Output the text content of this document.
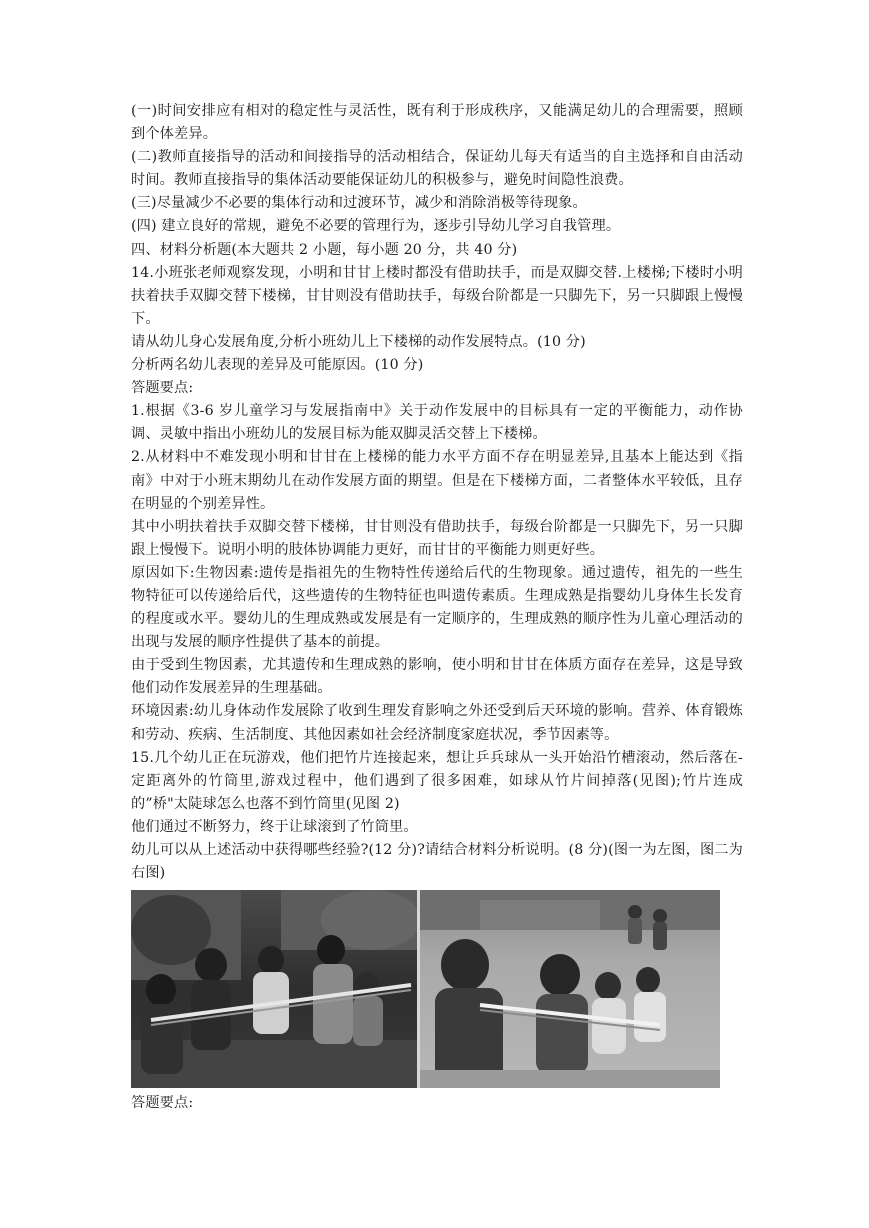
(一)时间安排应有相对的稳定性与灵活性，既有利于形成秩序，又能满足幼儿的合理需要，照顾到个体差异。

(二)教师直接指导的活动和间接指导的活动相结合，保证幼儿每天有适当的自主选择和自由活动时间。教师直接指导的集体活动要能保证幼儿的积极参与，避免时间隐性浪费。

(三)尽量减少不必要的集体行动和过渡环节，减少和消除消极等待现象。

(四) 建立良好的常规，避免不必要的管理行为，逐步引导幼儿学习自我管理。

四、材料分析题(本大题共 2 小题，每小题 20 分，共 40 分)

14.小班张老师观察发现，小明和甘甘上楼时都没有借助扶手，而是双脚交替.上楼梯;下楼时小明扶着扶手双脚交替下楼梯，甘甘则没有借助扶手，每级台阶都是一只脚先下，另一只脚跟上慢慢下。

请从幼儿身心发展角度,分析小班幼儿上下楼梯的动作发展特点。(10 分)

分析两名幼儿表现的差异及可能原因。(10 分)

答题要点:

1.根据《3-6 岁儿童学习与发展指南中》关于动作发展中的目标具有一定的平衡能力，动作协调、灵敏中指出小班幼儿的发展目标为能双脚灵活交替上下楼梯。

2.从材料中不难发现小明和甘甘在上楼梯的能力水平方面不存在明显差异,且基本上能达到《指南》中对于小班末期幼儿在动作发展方面的期望。但是在下楼梯方面，二者整体水平较低，且存在明显的个别差异性。

其中小明扶着扶手双脚交替下楼梯，甘甘则没有借助扶手，每级台阶都是一只脚先下，另一只脚跟上慢慢下。说明小明的肢体协调能力更好，而甘甘的平衡能力则更好些。

原因如下:生物因素:遗传是指祖先的生物特性传递给后代的生物现象。通过遗传，祖先的一些生物特征可以传递给后代，这些遗传的生物特征也叫遗传素质。生理成熟是指婴幼儿身体生长发育的程度或水平。婴幼儿的生理成熟或发展是有一定顺序的，生理成熟的顺序性为儿童心理活动的出现与发展的顺序性提供了基本的前提。

由于受到生物因素，尤其遗传和生理成熟的影响，使小明和甘甘在体质方面存在差异，这是导致他们动作发展差异的生理基础。

环境因素:幼儿身体动作发展除了收到生理发育影响之外还受到后天环境的影响。营养、体育锻炼和劳动、疾病、生活制度、其他因素如社会经济制度家庭状况，季节因素等。

15.几个幼儿正在玩游戏，他们把竹片连接起来，想让乒兵球从一头开始沿竹槽滚动，然后落在-定距离外的竹筒里,游戏过程中，他们遇到了很多困难，如球从竹片间掉落(见图);竹片连成的”桥"太陡球怎么也落不到竹筒里(见图 2)

他们通过不断努力，终于让球滚到了竹筒里。

幼儿可以从上述活动中获得哪些经验?(12 分)?请结合材料分析说明。(8 分)(图一为左图，图二为右图)

答题要点:
